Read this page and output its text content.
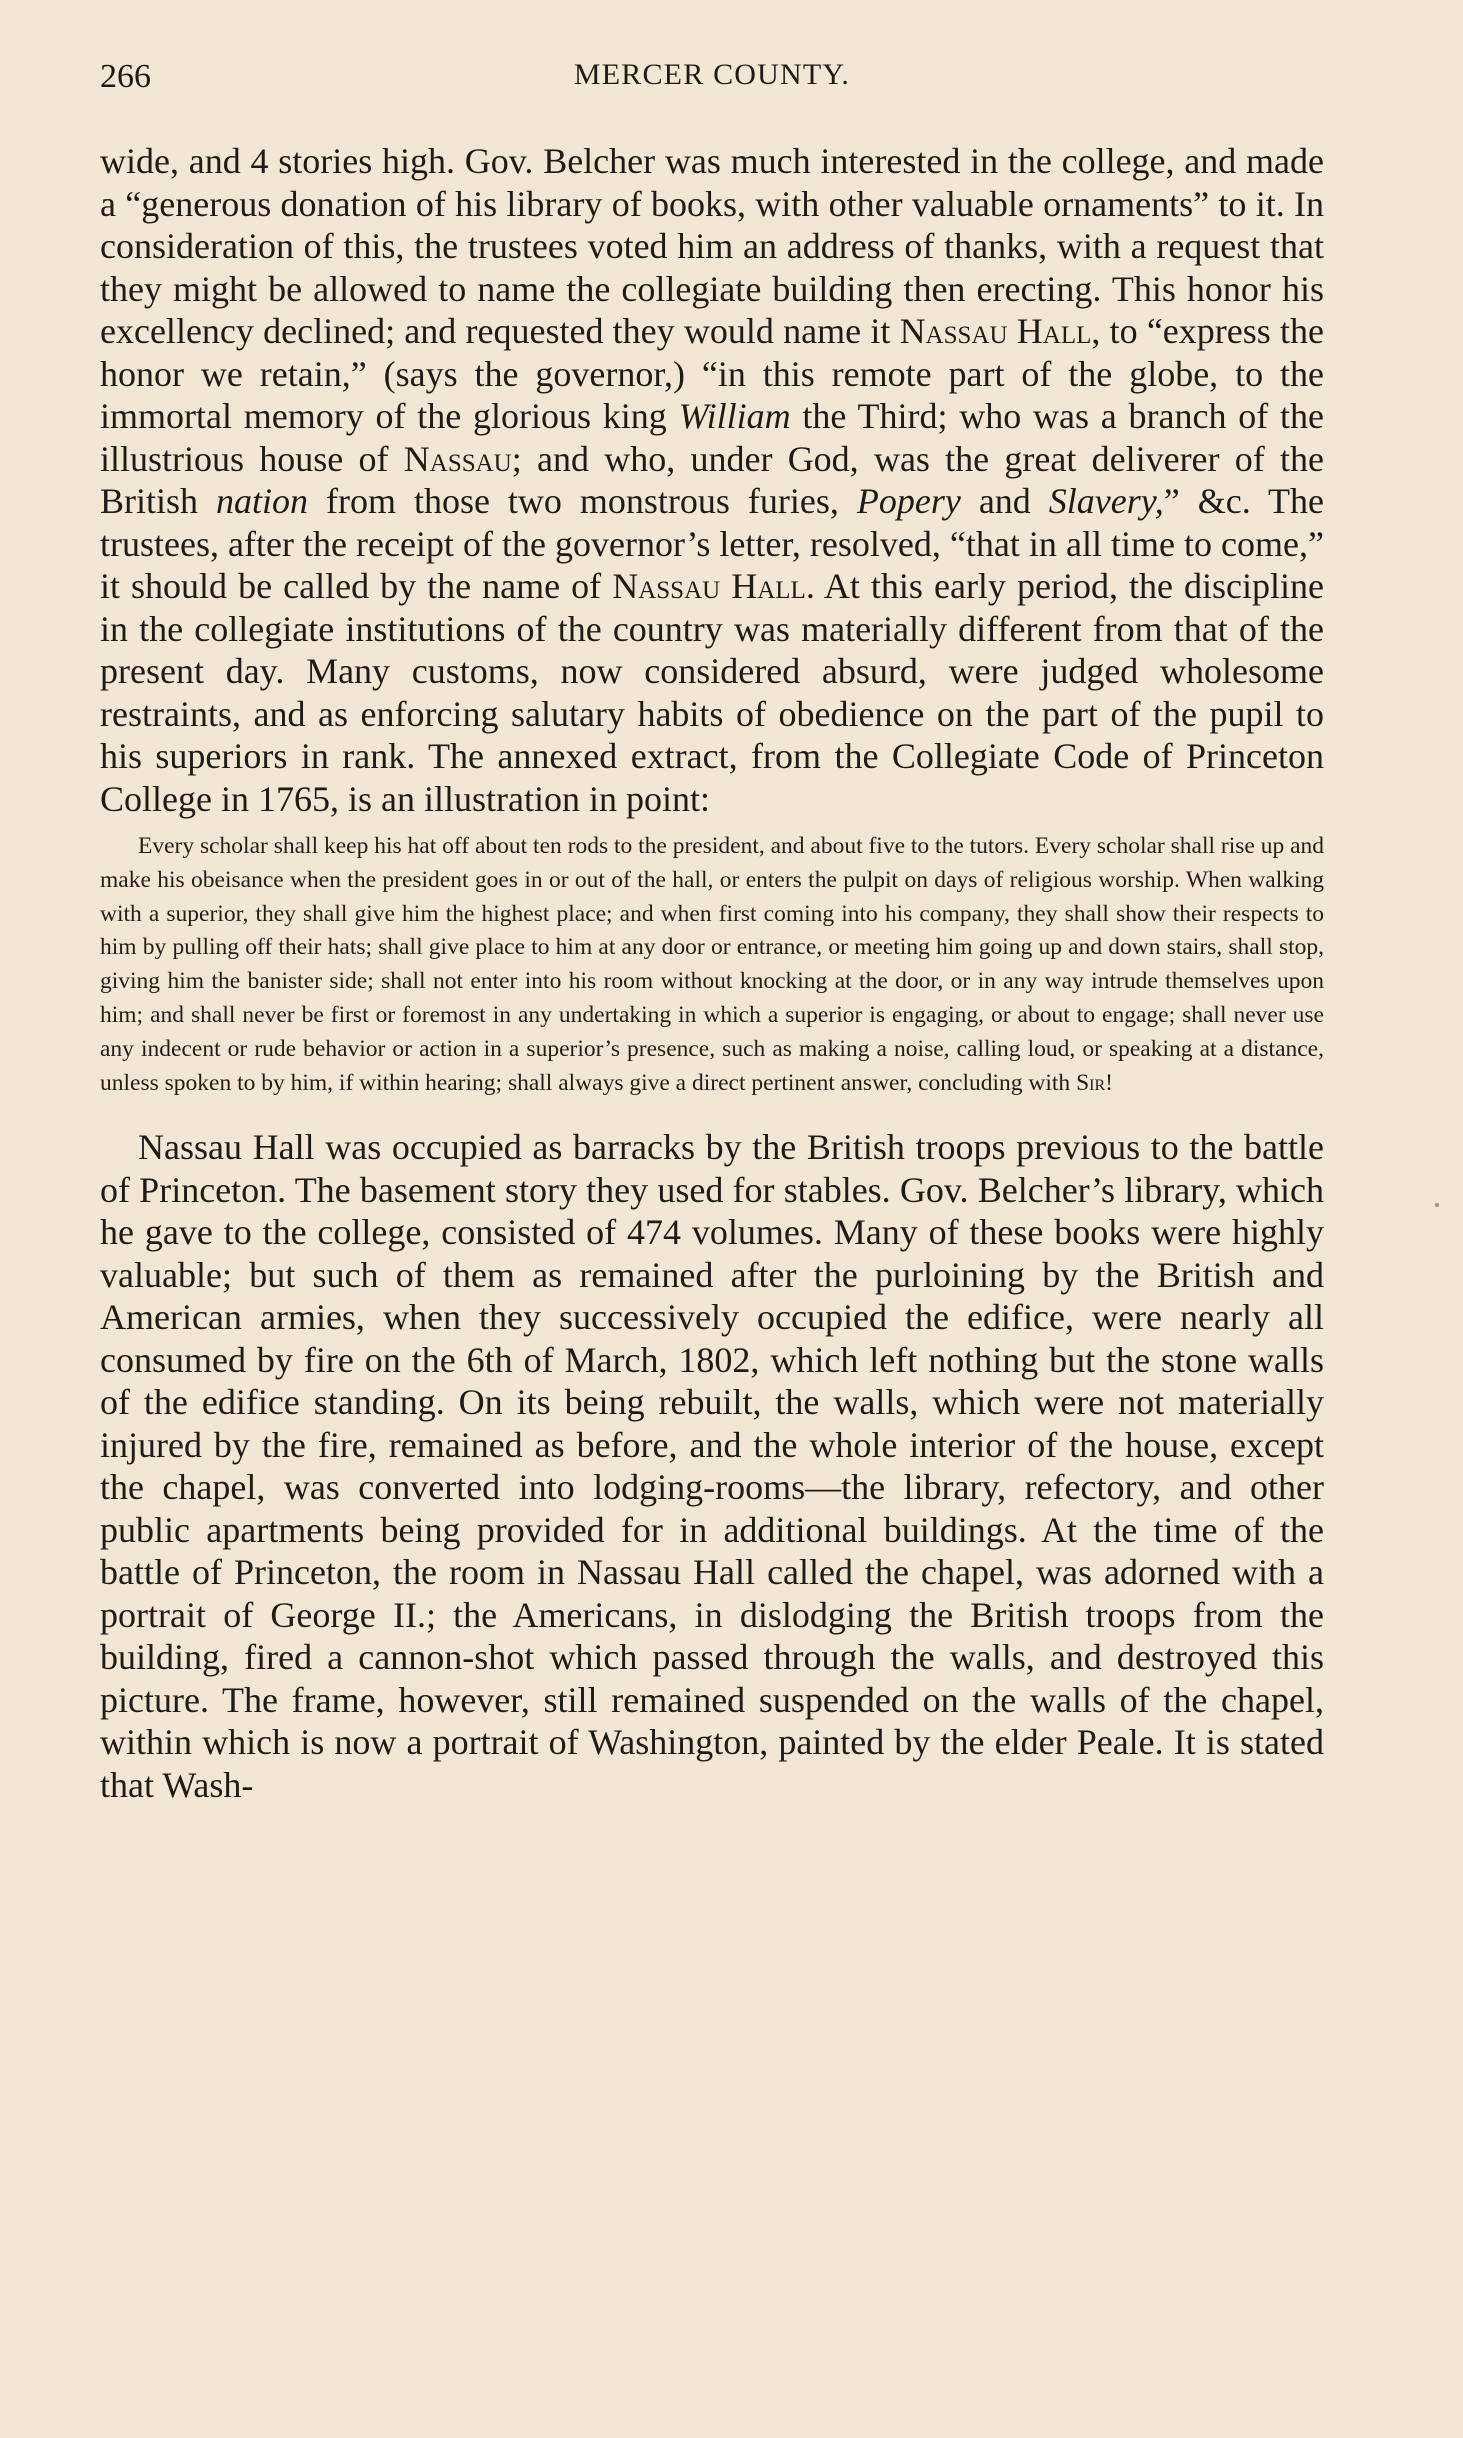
266	MERCER COUNTY.

wide, and 4 stories high. Gov. Belcher was much interested in the college, and made a “generous donation of his library of books, with other valuable ornaments” to it. In consideration of this, the trustees voted him an address of thanks, with a request that they might be allowed to name the collegiate building then erecting. This honor his excellency declined; and requested they would name it Nassau Hall, to “express the honor we retain,” (says the governor,) “in this remote part of the globe, to the immortal memory of the glorious king William the Third; who was a branch of the illustrious house of Nassau; and who, under God, was the great deliverer of the British nation from those two monstrous furies, Popery and Slavery,” &c. The trustees, after the receipt of the governor’s letter, resolved, “that in all time to come,” it should be called by the name of Nassau Hall. At this early period, the discipline in the collegiate institutions of the country was materially different from that of the present day. Many customs, now considered absurd, were judged wholesome restraints, and as enforcing salutary habits of obedience on the part of the pupil to his superiors in rank. The annexed extract, from the Collegiate Code of Princeton College in 1765, is an illustration in point:

Every scholar shall keep his hat off about ten rods to the president, and about five to the tutors. Every scholar shall rise up and make his obeisance when the president goes in or out of the hall, or enters the pulpit on days of religious worship. When walking with a superior, they shall give him the highest place; and when first coming into his company, they shall show their respects to him by pulling off their hats; shall give place to him at any door or entrance, or meeting him going up and down stairs, shall stop, giving him the banister side; shall not enter into his room without knocking at the door, or in any way intrude themselves upon him; and shall never be first or foremost in any undertaking in which a superior is engaging, or about to engage; shall never use any indecent or rude behavior or action in a superior’s presence, such as making a noise, calling loud, or speaking at a distance, unless spoken to by him, if within hearing; shall always give a direct pertinent answer, concluding with Sir!

Nassau Hall was occupied as barracks by the British troops previous to the battle of Princeton. The basement story they used for stables. Gov. Belcher’s library, which he gave to the college, consisted of 474 volumes. Many of these books were highly valuable; but such of them as remained after the purloining by the British and American armies, when they successively occupied the edifice, were nearly all consumed by fire on the 6th of March, 1802, which left nothing but the stone walls of the edifice standing. On its being rebuilt, the walls, which were not materially injured by the fire, remained as before, and the whole interior of the house, except the chapel, was converted into lodging-rooms—the library, refectory, and other public apartments being provided for in additional buildings. At the time of the battle of Princeton, the room in Nassau Hall called the chapel, was adorned with a portrait of George II.; the Americans, in dislodging the British troops from the building, fired a cannon-shot which passed through the walls, and destroyed this picture. The frame, however, still remained suspended on the walls of the chapel, within which is now a portrait of Washington, painted by the elder Peale. It is stated that Wash-
